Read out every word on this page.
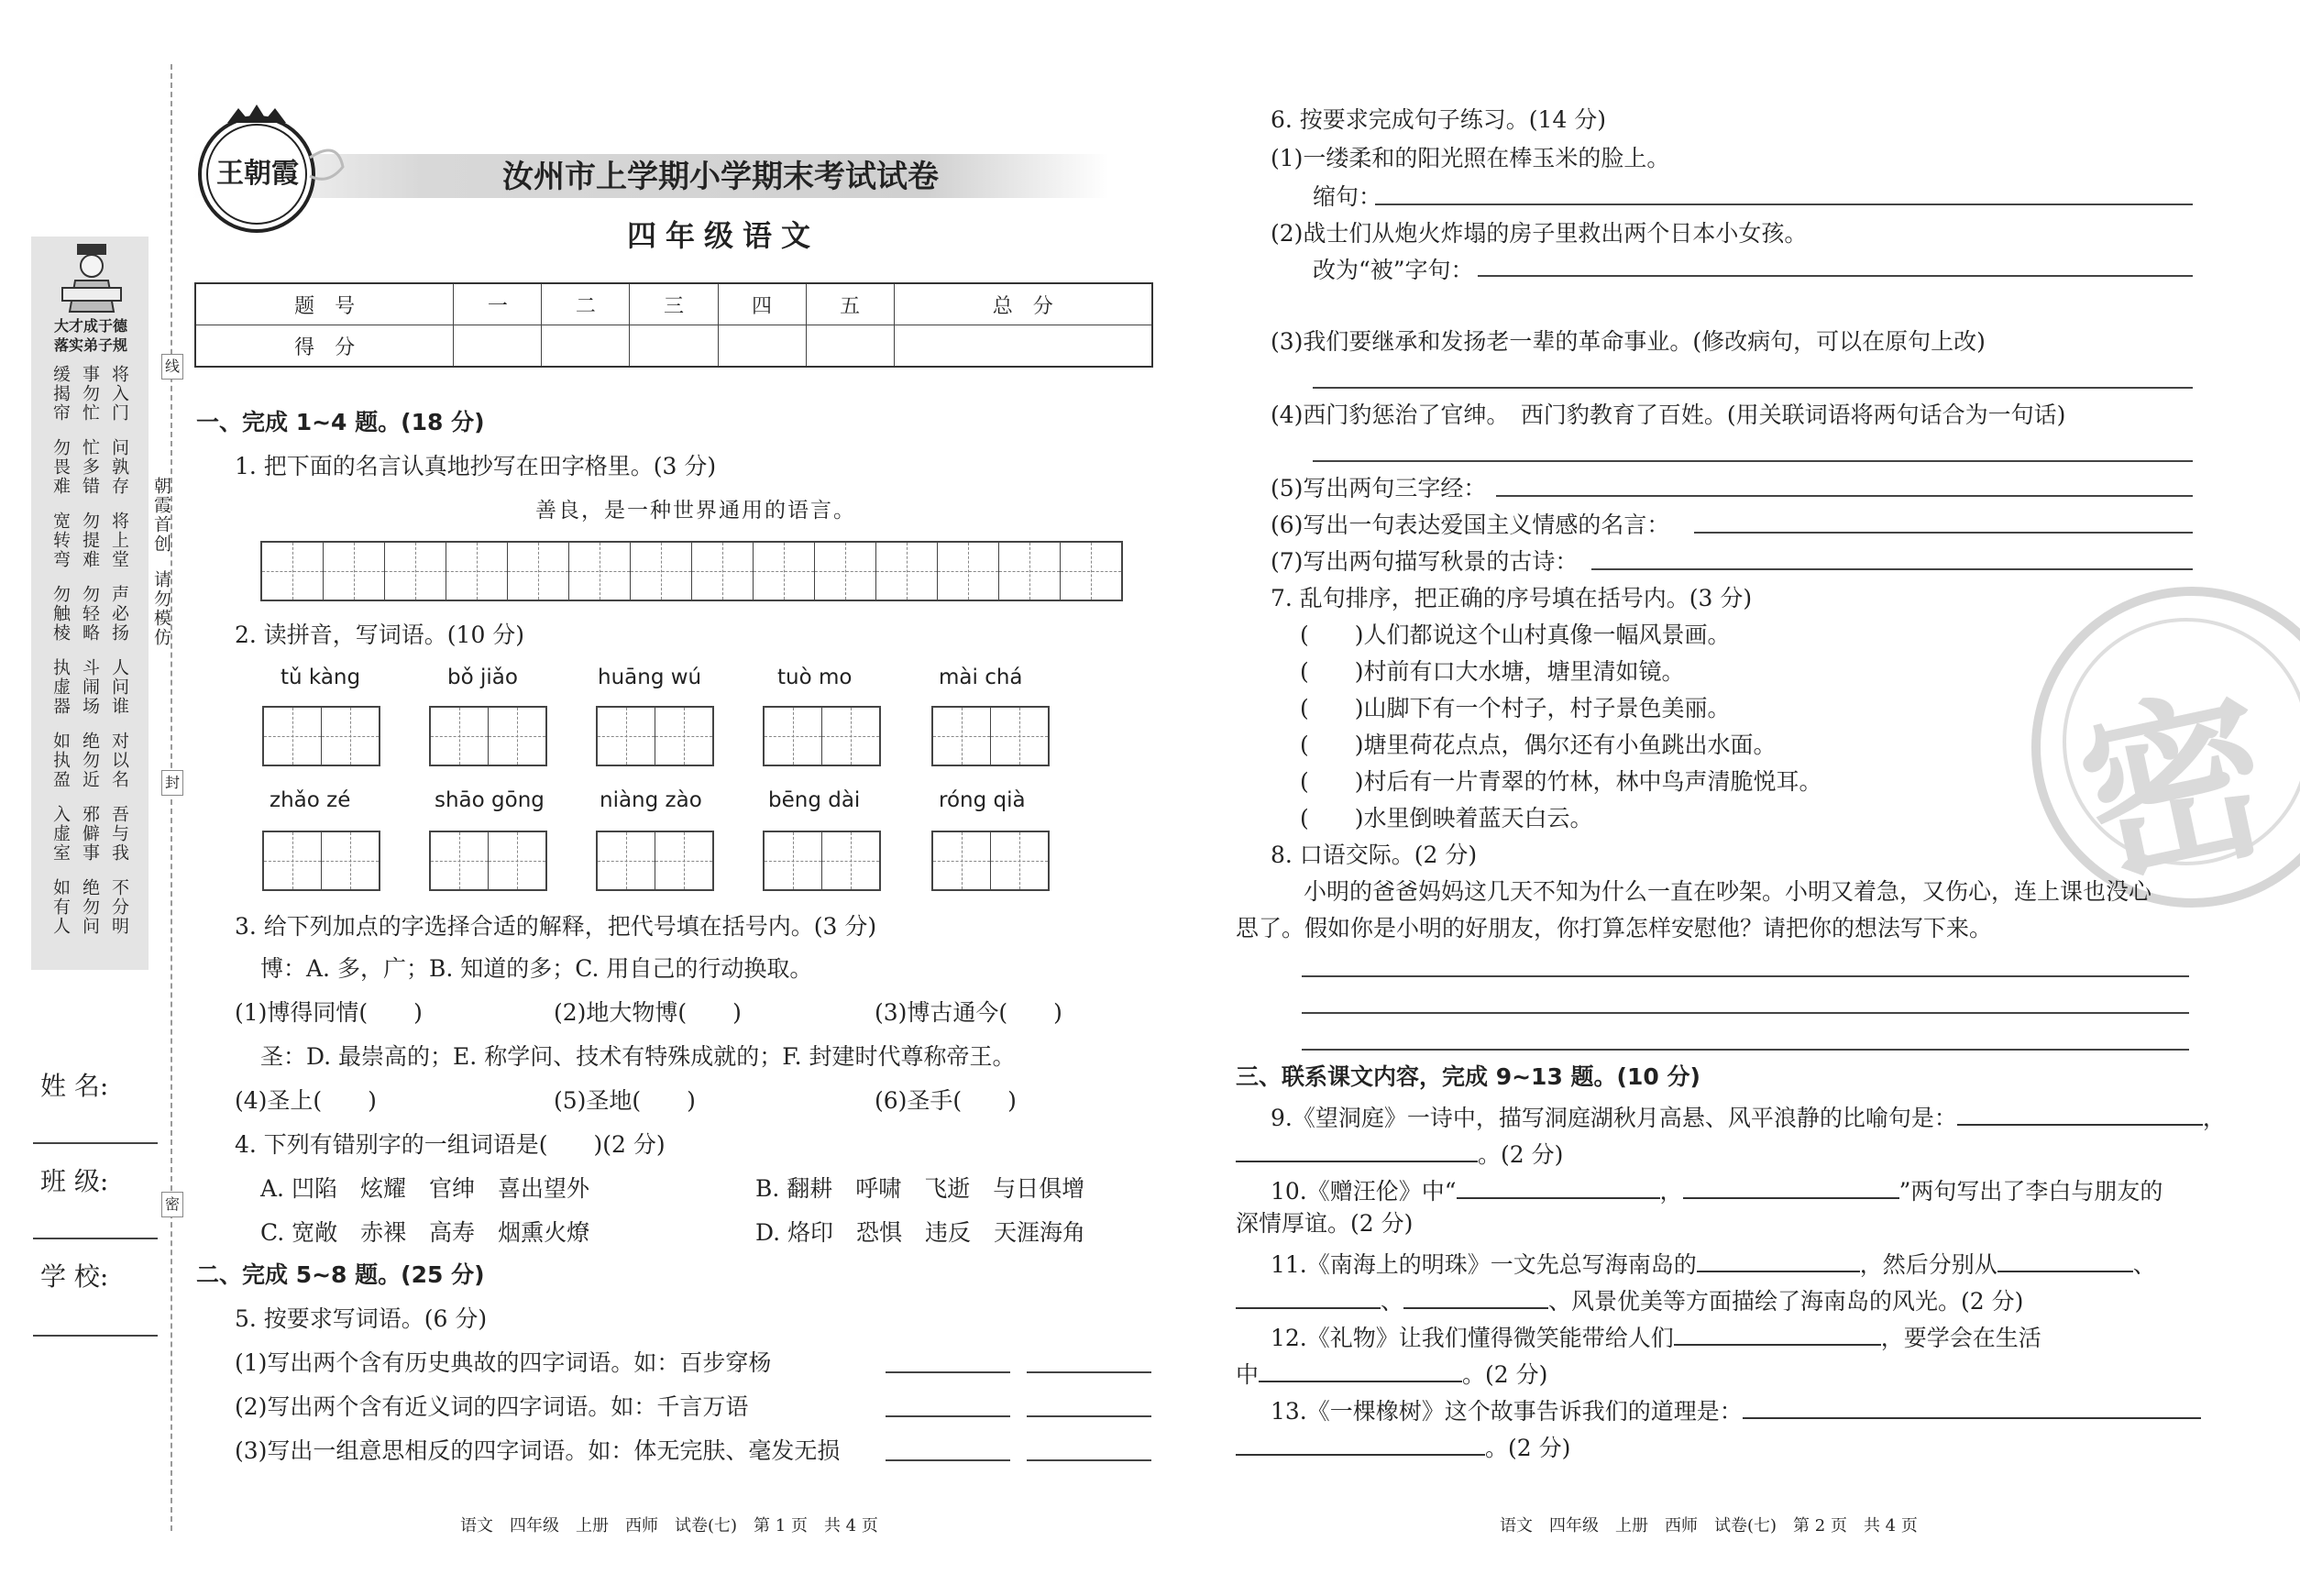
大才成于德
落实弟子规
将入门
事勿忙
缓揭帘
问孰存
忙多错
勿畏难
将上堂
勿提难
宽转弯
声必扬
勿轻略
勿触棱
人问谁
斗闹场
执虚器
对以名
绝勿近
如执盈
吾与我
邪僻事
入虚室
不分明
绝勿问
如有人
朝霞首创
请勿模仿
线
封
密
姓 名:
班 级:
学 校:
王朝霞	汝州市上学期小学期末考试试卷
四年级语文
题　号	一	二	三	四	五	总　分
得　分						
一、完成 1~4 题。(18 分)
1. 把下面的名言认真地抄写在田字格里。(3 分)
善良，是一种世界通用的语言。
2. 读拼音，写词语。(10 分)
tǔ kàng	bǒ jiǎo	huāng wú	tuò mo	mài chá
zhǎo zé	shāo gōng	niàng zào	bēng dài	róng qià
3. 给下列加点的字选择合适的解释，把代号填在括号内。(3 分)
博：A. 多，广；B. 知道的多；C. 用自己的行动换取。
(1)博得同情(　　)	(2)地大物博(　　)	(3)博古通今(　　)
圣：D. 最崇高的；E. 称学问、技术有特殊成就的；F. 封建时代尊称帝王。
(4)圣上(　　)	(5)圣地(　　)	(6)圣手(　　)
4. 下列有错别字的一组词语是(　　)(2 分)
A. 凹陷　炫耀　官绅　喜出望外	B. 翻耕　呼啸　飞逝　与日俱增
C. 宽敞　赤裸　高寿　烟熏火燎	D. 烙印　恐惧　违反　天涯海角
二、完成 5~8 题。(25 分)
5. 按要求写词语。(6 分)
(1)写出两个含有历史典故的四字词语。如：百步穿杨
(2)写出两个含有近义词的四字词语。如：千言万语
(3)写出一组意思相反的四字词语。如：体无完肤、毫发无损
语文　四年级　上册　西师　试卷(七)　第 1 页　共 4 页
密
6. 按要求完成句子练习。(14 分)
(1)一缕柔和的阳光照在棒玉米的脸上。
缩句：
(2)战士们从炮火炸塌的房子里救出两个日本小女孩。
改为“被”字句：
(3)我们要继承和发扬老一辈的革命事业。(修改病句，可以在原句上改)
(4)西门豹惩治了官绅。　西门豹教育了百姓。(用关联词语将两句话合为一句话)
(5)写出两句三字经：
(6)写出一句表达爱国主义情感的名言：
(7)写出两句描写秋景的古诗：
7. 乱句排序，把正确的序号填在括号内。(3 分)
(　　)人们都说这个山村真像一幅风景画。
(　　)村前有口大水塘，塘里清如镜。
(　　)山脚下有一个村子，村子景色美丽。
(　　)塘里荷花点点，偶尔还有小鱼跳出水面。
(　　)村后有一片青翠的竹林，林中鸟声清脆悦耳。
(　　)水里倒映着蓝天白云。
8. 口语交际。(2 分)
小明的爸爸妈妈这几天不知为什么一直在吵架。小明又着急，又伤心，连上课也没心
思了。假如你是小明的好朋友，你打算怎样安慰他？请把你的想法写下来。
三、联系课文内容，完成 9~13 题。(10 分)
9.《望洞庭》一诗中，描写洞庭湖秋月高悬、风平浪静的比喻句是：	，
。(2 分)
10.《赠汪伦》中“	，	”两句写出了李白与朋友的
深情厚谊。(2 分)
11.《南海上的明珠》一文先总写海南岛的	，然后分别从	、
、	、风景优美等方面描绘了海南岛的风光。(2 分)
12.《礼物》让我们懂得微笑能带给人们	，要学会在生活
中	。(2 分)
13.《一棵橡树》这个故事告诉我们的道理是：
。(2 分)
语文　四年级　上册　西师　试卷(七)　第 2 页　共 4 页
